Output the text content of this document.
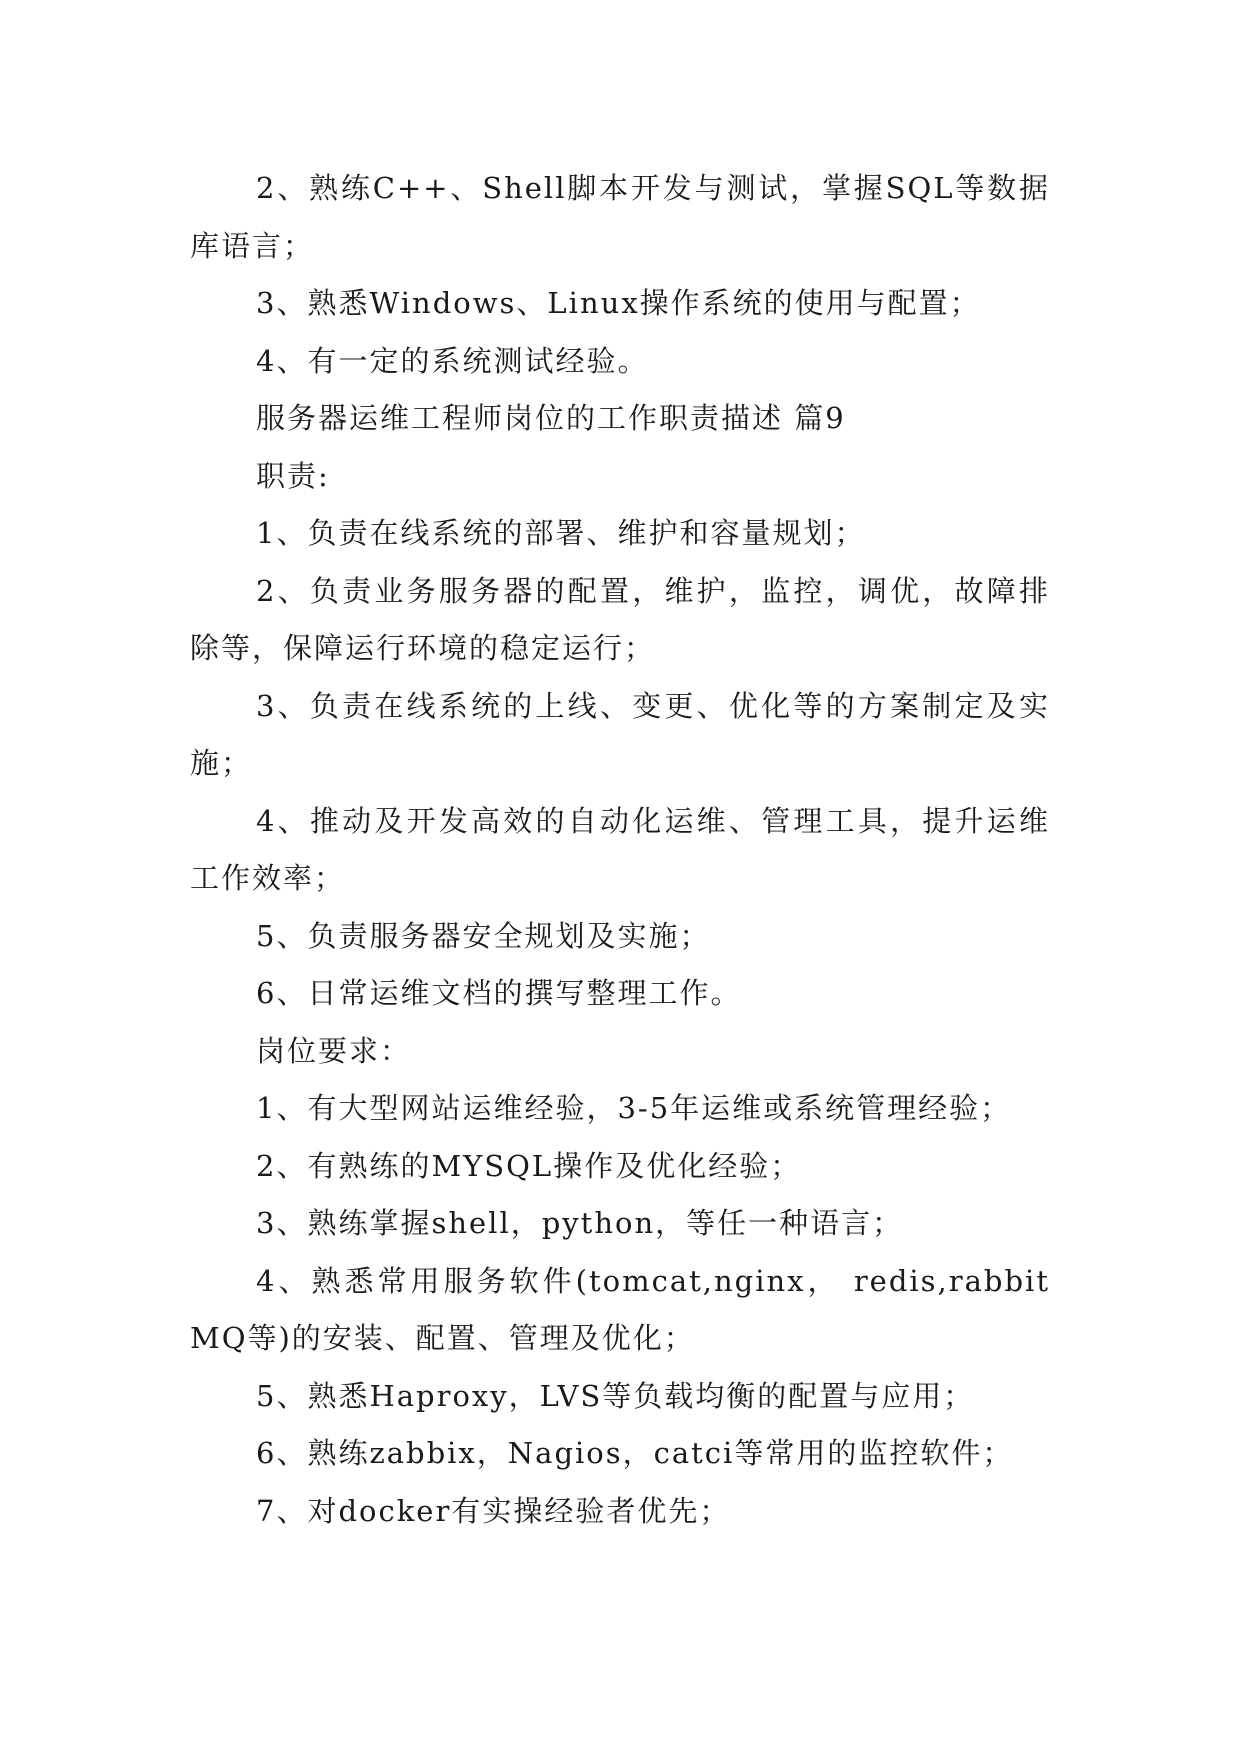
2、熟练C++、Shell脚本开发与测试，掌握SQL等数据库语言；

3、熟悉Windows、Linux操作系统的使用与配置；

4、有一定的系统测试经验。

服务器运维工程师岗位的工作职责描述 篇9

职责:

1、负责在线系统的部署、维护和容量规划；

2、负责业务服务器的配置，维护，监控，调优，故障排除等，保障运行环境的稳定运行；

3、负责在线系统的上线、变更、优化等的方案制定及实施；

4、推动及开发高效的自动化运维、管理工具，提升运维工作效率；

5、负责服务器安全规划及实施；

6、日常运维文档的撰写整理工作。

岗位要求：

1、有大型网站运维经验，3-5年运维或系统管理经验；

2、有熟练的MYSQL操作及优化经验；

3、熟练掌握shell，python，等任一种语言；

4、熟悉常用服务软件(tomcat,nginx， redis,rabbitMQ等)的安装、配置、管理及优化；

5、熟悉Haproxy，LVS等负载均衡的配置与应用；

6、熟练zabbix，Nagios，catci等常用的监控软件；

7、对docker有实操经验者优先；
